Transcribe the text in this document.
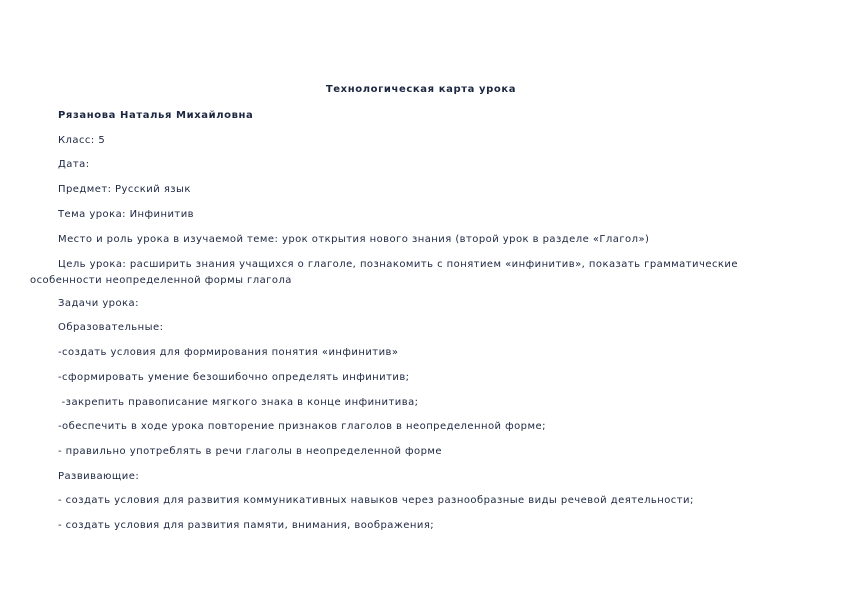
Технологическая карта урока
Рязанова Наталья Михайловна
Класс: 5
Дата:
Предмет: Русский язык
Тема урока: Инфинитив
Место и роль урока в изучаемой теме: урок открытия нового знания (второй урок в разделе «Глагол»)
Цель урока: расширить знания учащихся о глаголе, познакомить с понятием «инфинитив», показать грамматические особенности неопределенной формы глагола
Задачи урока:
Образовательные:
-создать условия для формирования понятия «инфинитив»
-сформировать умение безошибочно определять инфинитив;
-закрепить правописание мягкого знака в конце инфинитива;
-обеспечить в ходе урока повторение признаков глаголов в неопределенной форме;
- правильно употреблять в речи глаголы в неопределенной форме
Развивающие:
- создать условия для развития коммуникативных навыков через разнообразные виды речевой деятельности;
- создать условия для развития памяти, внимания, воображения;
